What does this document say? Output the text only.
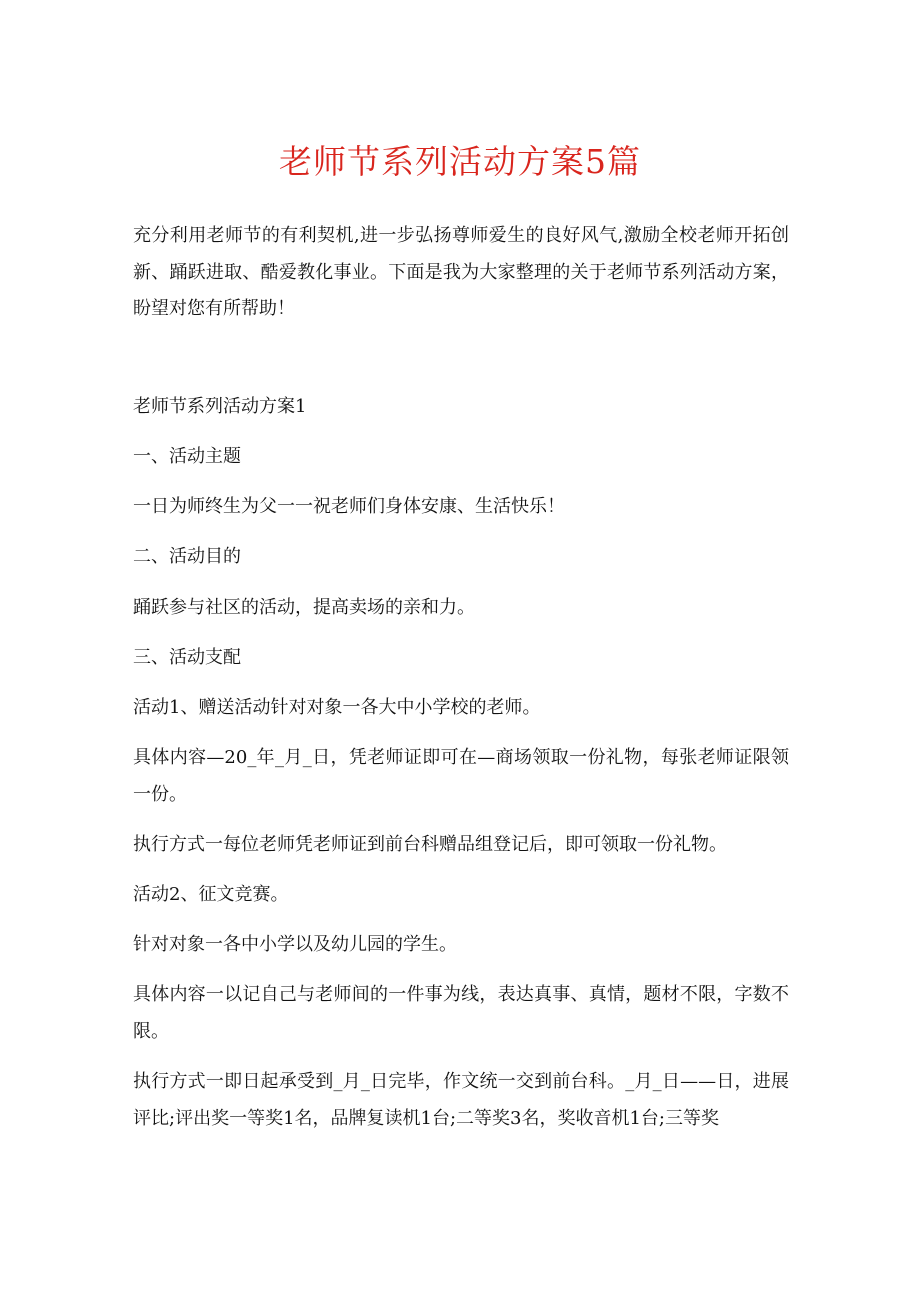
老师节系列活动方案5篇

充分利用老师节的有利契机,进一步弘扬尊师爱生的良好风气,激励全校老师开拓创新、踊跃进取、酷爱教化事业。下面是我为大家整理的关于老师节系列活动方案，盼望对您有所帮助！

老师节系列活动方案1

一、活动主题

一日为师终生为父一一祝老师们身体安康、生活快乐！

二、活动目的

踊跃参与社区的活动，提高卖场的亲和力。

三、活动支配

活动1、赠送活动针对对象一各大中小学校的老师。

具体内容—20_年_月_日，凭老师证即可在—商场领取一份礼物，每张老师证限领一份。

执行方式一每位老师凭老师证到前台科赠品组登记后，即可领取一份礼物。

活动2、征文竞赛。

针对对象一各中小学以及幼儿园的学生。

具体内容一以记自己与老师间的一件事为线，表达真事、真情，题材不限，字数不限。

执行方式一即日起承受到_月_日完毕，作文统一交到前台科。_月_日——日，进展评比;评出奖一等奖1名，品牌复读机1台;二等奖3名，奖收音机1台;三等奖
